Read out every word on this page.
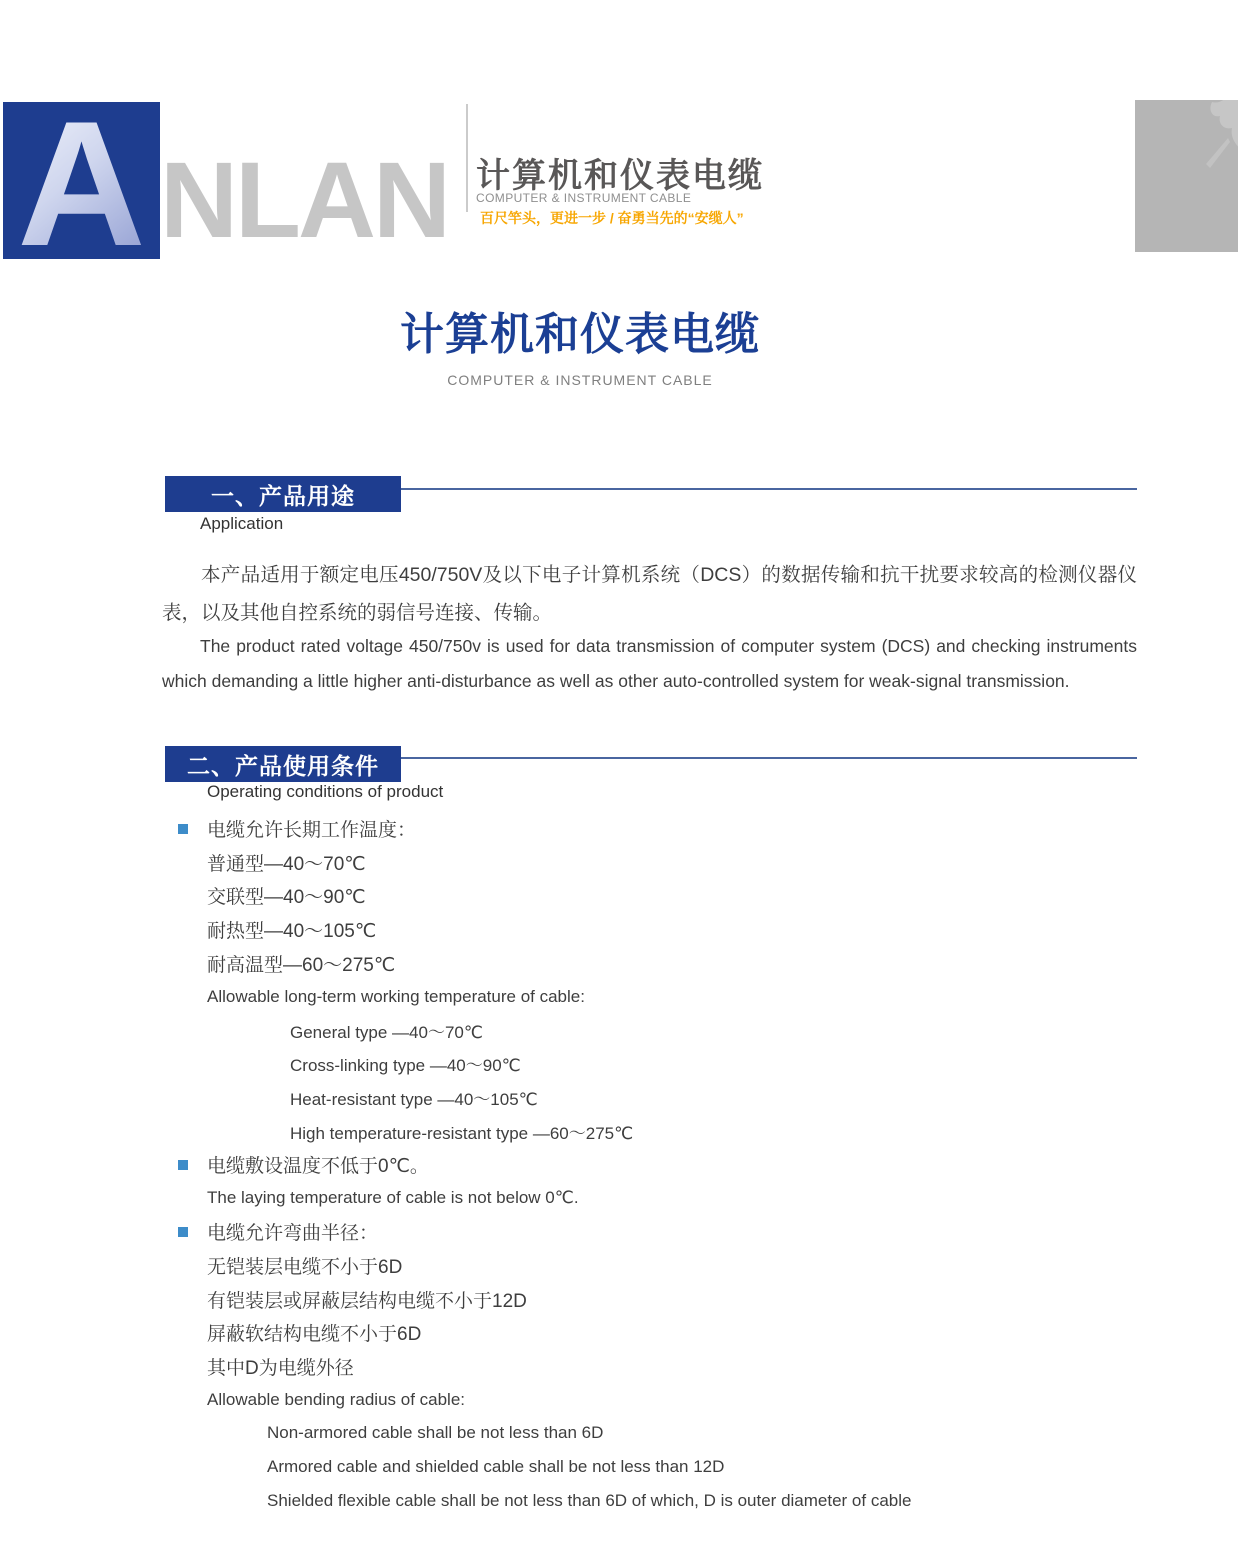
A NLAN 计算机和仪表电缆
COMPUTER & INSTRUMENT CABLE
百尺竿头，更进一步 / 奋勇当先的“安缆人”
计算机和仪表电缆
COMPUTER & INSTRUMENT CABLE
一、产品用途
Application
本产品适用于额定电压450/750V及以下电子计算机系统（DCS）的数据传输和抗干扰要求较高的检测仪器仪表，以及其他自控系统的弱信号连接、传输。
The product rated voltage 450/750v is used for data transmission of computer system (DCS) and checking instruments which demanding a little higher anti-disturbance as well as other auto-controlled system for weak-signal transmission.
二、产品使用条件
Operating conditions of product
电缆允许长期工作温度：
普通型—40～70℃
交联型—40～90℃
耐热型—40～105℃
耐高温型—60～275℃
Allowable long-term working temperature of cable:
General type —40～70℃
Cross-linking type —40～90℃
Heat-resistant type —40～105℃
High temperature-resistant type —60～275℃
电缆敷设温度不低于0℃。
The laying temperature of cable is not below 0℃.
电缆允许弯曲半径：
无铠装层电缆不小于6D
有铠装层或屏蔽层结构电缆不小于12D
屏蔽软结构电缆不小于6D
其中D为电缆外径
Allowable bending radius of cable:
Non-armored cable shall be not less than 6D
Armored cable and shielded cable shall be not less than 12D
Shielded flexible cable shall be not less than 6D of which, D is outer diameter of cable
